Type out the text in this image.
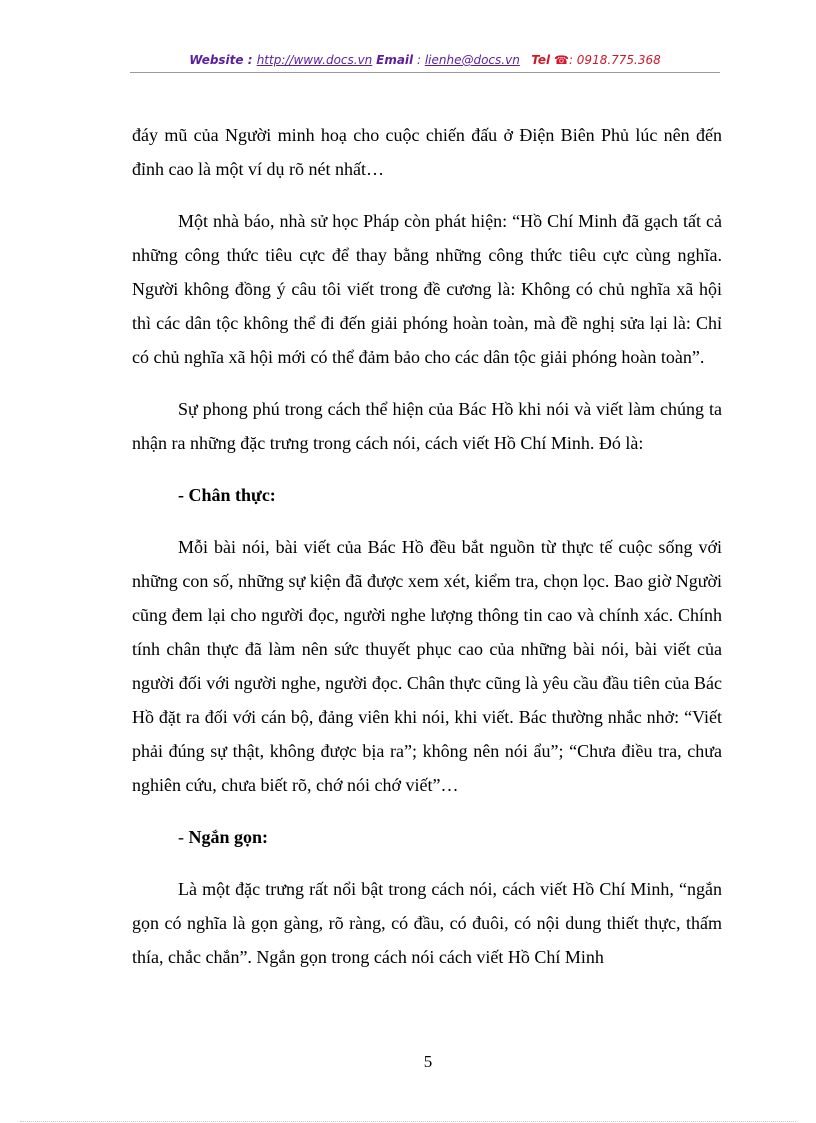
Website : http://www.docs.vn Email : lienhe@docs.vn Tel ☎: 0918.775.368

đáy mũ của Người minh hoạ cho cuộc chiến đấu ở Điện Biên Phủ lúc nên đến đỉnh cao là một ví dụ rõ nét nhất…

Một nhà báo, nhà sử học Pháp còn phát hiện: “Hồ Chí Minh đã gạch tất cả những công thức tiêu cực để thay bằng những công thức tiêu cực cùng nghĩa. Người không đồng ý câu tôi viết trong đề cương là: Không có chủ nghĩa xã hội thì các dân tộc không thể đi đến giải phóng hoàn toàn, mà đề nghị sửa lại là: Chỉ có chủ nghĩa xã hội mới có thể đảm bảo cho các dân tộc giải phóng hoàn toàn”.

Sự phong phú trong cách thể hiện của Bác Hồ khi nói và viết làm chúng ta nhận ra những đặc trưng trong cách nói, cách viết Hồ Chí Minh. Đó là:

- Chân thực:

Mỗi bài nói, bài viết của Bác Hồ đều bắt nguồn từ thực tế cuộc sống với những con số, những sự kiện đã được xem xét, kiểm tra, chọn lọc. Bao giờ Người cũng đem lại cho người đọc, người nghe lượng thông tin cao và chính xác. Chính tính chân thực đã làm nên sức thuyết phục cao của những bài nói, bài viết của người đối với người nghe, người đọc. Chân thực cũng là yêu cầu đầu tiên của Bác Hồ đặt ra đối với cán bộ, đảng viên khi nói, khi viết. Bác thường nhắc nhở: “Viết phải đúng sự thật, không được bịa ra”; không nên nói ẩu”; “Chưa điều tra, chưa nghiên cứu, chưa biết rõ, chớ nói chớ viết”…

- Ngắn gọn:

Là một đặc trưng rất nổi bật trong cách nói, cách viết Hồ Chí Minh, “ngắn gọn có nghĩa là gọn gàng, rõ ràng, có đầu, có đuôi, có nội dung thiết thực, thấm thía, chắc chắn”. Ngắn gọn trong cách nói cách viết Hồ Chí Minh

5
